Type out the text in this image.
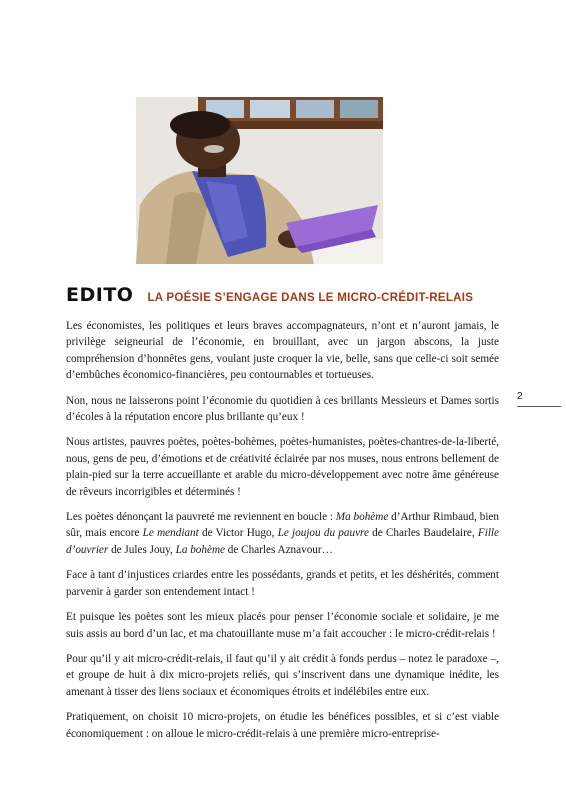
EDITO LA POÉSIE S’ENGAGE DANS LE MICRO-CRÉDIT-RELAIS

Les économistes, les politiques et leurs braves accompagnateurs, n’ont et n’auront jamais, le privilège seigneurial de l’économie, en brouillant, avec un jargon abscons, la juste compréhension d’honnêtes gens, voulant juste croquer la vie, belle, sans que celle-ci soit semée d’embûches économico-financières, peu contournables et tortueuses.

Non, nous ne laisserons point l’économie du quotidien à ces brillants Messieurs et Dames sortis d’écoles à la réputation encore plus brillante qu’eux !

Nous artistes, pauvres poètes, poètes-bohèmes, poètes-humanistes, poètes-chantres-de-la-liberté, nous, gens de peu, d’émotions et de créativité éclairée par nos muses, nous entrons bellement de plain-pied sur la terre accueillante et arable du micro-développement avec notre âme généreuse de rêveurs incorrigibles et déterminés !

Les poètes dénonçant la pauvreté me reviennent en boucle : Ma bohème d’Arthur Rimbaud, bien sûr, mais encore Le mendiant de Victor Hugo, Le joujou du pauvre de Charles Baudelaire, Fille d’ouvrier de Jules Jouy, La bohème de Charles Aznavour…

Face à tant d’injustices criardes entre les possédants, grands et petits, et les déshérités, comment parvenir à garder son entendement intact !

Et puisque les poètes sont les mieux placés pour penser l’économie sociale et solidaire, je me suis assis au bord d’un lac, et ma chatouillante muse m’a fait accoucher : le micro-crédit-relais !

Pour qu’il y ait micro-crédit-relais, il faut qu’il y ait crédit à fonds perdus – notez le paradoxe –, et groupe de huit à dix micro-projets reliés, qui s’inscrivent dans une dynamique inédite, les amenant à tisser des liens sociaux et économiques étroits et indélébiles entre eux.

Pratiquement, on choisit 10 micro-projets, on étudie les bénéfices possibles, et si c’est viable économiquement : on alloue le micro-crédit-relais à une première micro-entreprise-

2
